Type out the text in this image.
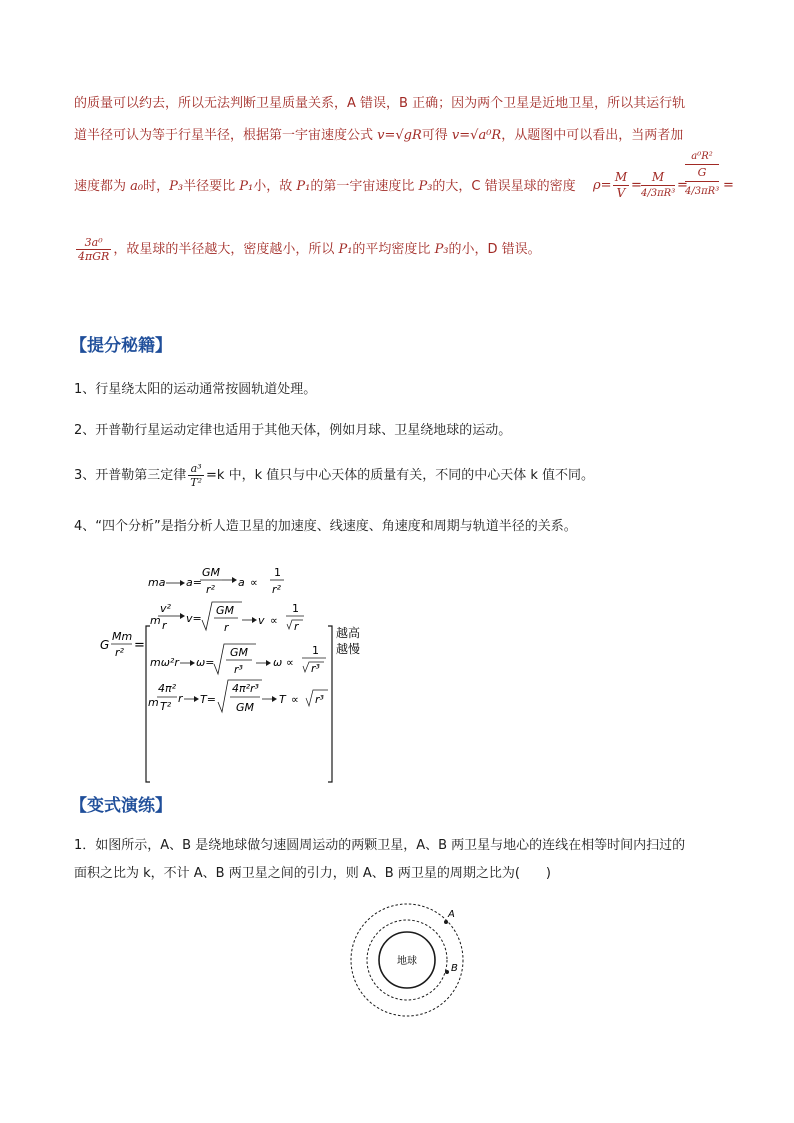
的质量可以约去，所以无法判断卫星质量关系，A 错误，B 正确；因为两个卫星是近地卫星，所以其运行轨
道半径可认为等于行星半径，根据第一宇宙速度公式 v=√gR可得 v=√a⁰R，从题图中可以看出，当两者加
速度都为 a₀时，P₃半径要比 P₁小，故 P₁的第一宇宙速度比 P₃的大，C 错误星球的密度 ρ=
M
V =
M
4/3πR³
=
a⁰R²
G
4/3πR³ =
$\frac{\text{3a⁰}}{\text{4πGR}}$ ，故星球的半径越大，密度越小，所以 P₁的平均密度比 P₃的小，D 错误。
【提分秘籍】
1、行星绕太阳的运动通常按圆轨道处理。
2、开普勒行星运动定律也适用于其他天体，例如月球、卫星绕地球的运动。
3、开普勒第三定律 $\frac{\text{a³}}{\text{T²}} =k$ 中，k 值只与中心天体的质量有关，不同的中心天体 k 值不同。
4、“四个分析”是指分析人造卫星的加速度、线速度、角速度和周期与轨道半径的关系。
G
Mm
r² =
ma a=
GM
r²
a ∝
1
r²
m
v²
r
v=
GM
r
v ∝
1
r	越高
越慢
mω²r ω=
GM
r³
ω ∝
1
r³
m
4π²
T²
r T=
4π²r³
GM
T ∝ r³
【变式演练】
1．如图所示，A、B 是绕地球做匀速圆周运动的两颗卫星，A、B 两卫星与地心的连线在相等时间内扫过的
面积之比为 k，不计 A、B 两卫星之间的引力，则 A、B 两卫星的周期之比为(　　)
地球
A
B
